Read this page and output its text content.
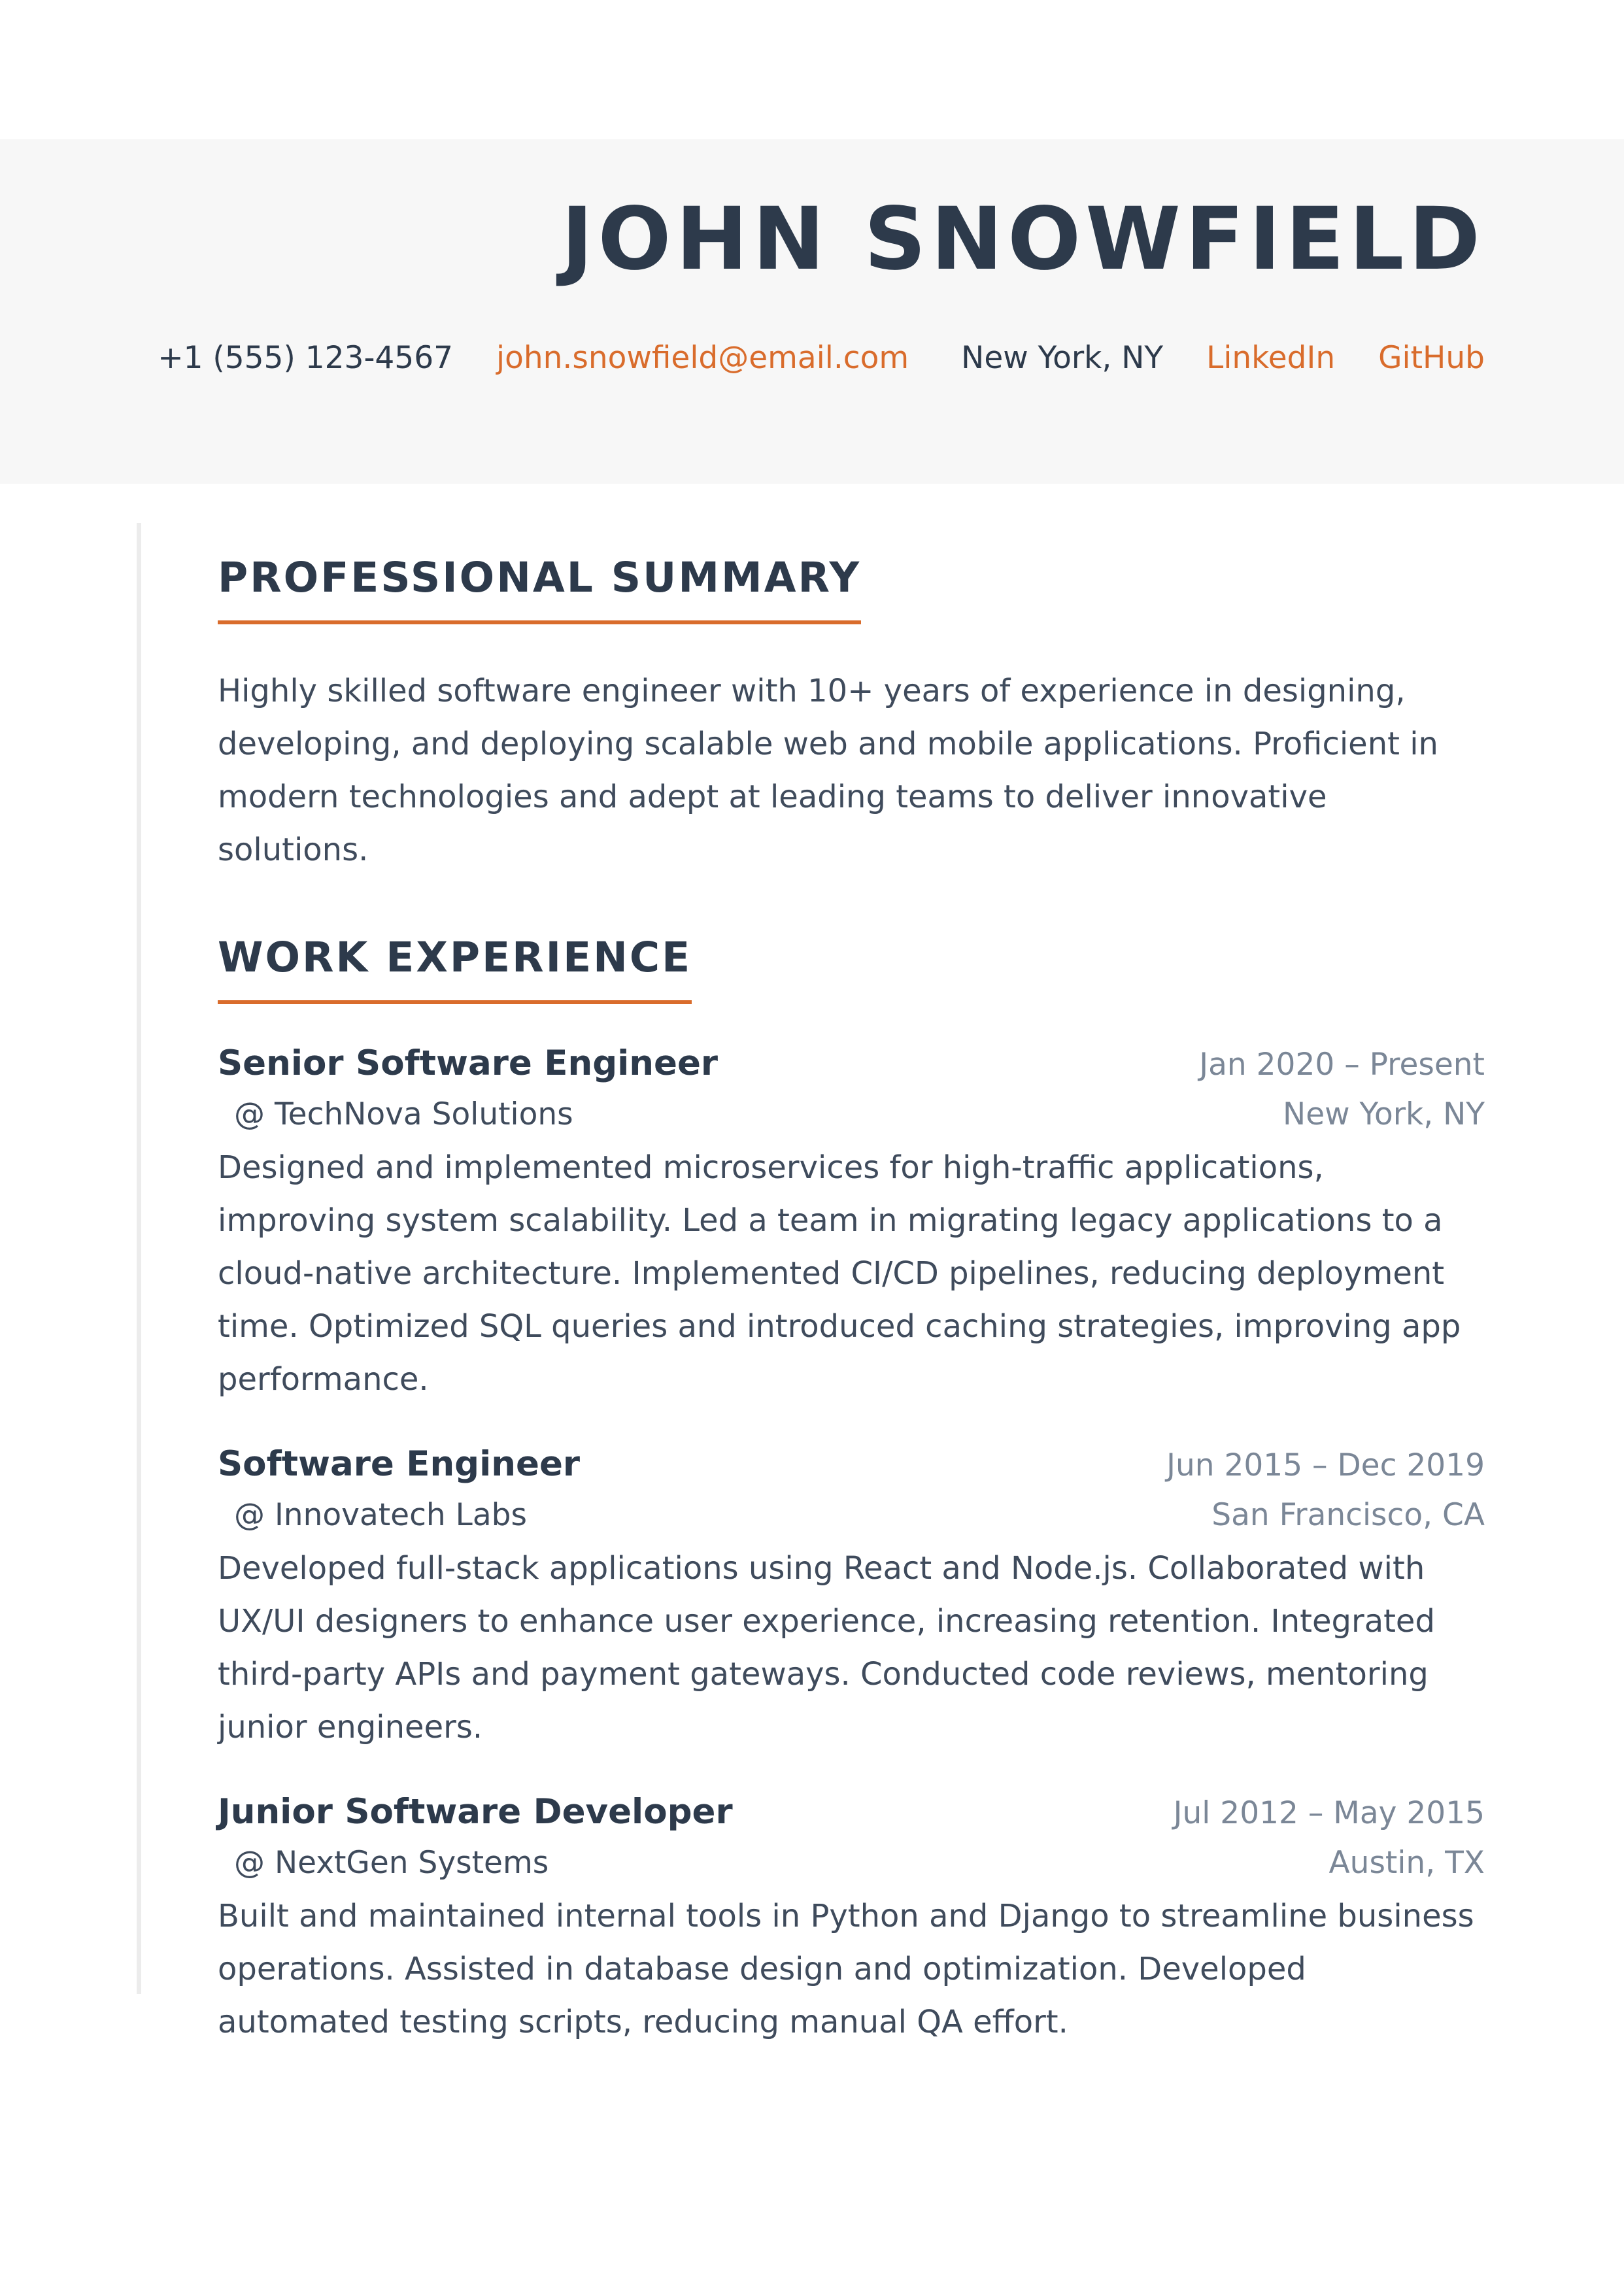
JOHN SNOWFIELD
+1 (555) 123-4567 john.snowfield@email.com New York, NY LinkedIn GitHub
PROFESSIONAL SUMMARY
Highly skilled software engineer with 10+ years of experience in designing, developing, and deploying scalable web and mobile applications. Proficient in modern technologies and adept at leading teams to deliver innovative solutions.
WORK EXPERIENCE
Senior Software Engineer	Jan 2020 – Present
@ TechNova Solutions	New York, NY
Designed and implemented microservices for high-traffic applications, improving system scalability. Led a team in migrating legacy applications to a cloud-native architecture. Implemented CI/CD pipelines, reducing deployment time. Optimized SQL queries and introduced caching strategies, improving app performance.
Software Engineer	Jun 2015 – Dec 2019
@ Innovatech Labs	San Francisco, CA
Developed full-stack applications using React and Node.js. Collaborated with UX/UI designers to enhance user experience, increasing retention. Integrated third-party APIs and payment gateways. Conducted code reviews, mentoring junior engineers.
Junior Software Developer	Jul 2012 – May 2015
@ NextGen Systems	Austin, TX
Built and maintained internal tools in Python and Django to streamline business operations. Assisted in database design and optimization. Developed automated testing scripts, reducing manual QA effort.
